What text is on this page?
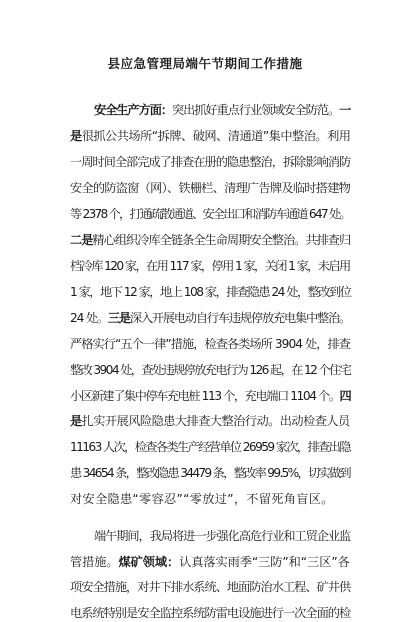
县应急管理局端午节期间工作措施
安全生产方面：突出抓好重点行业领域安全防范。一
是很抓公共场所“拆牌、破网、清通道”集中整治。利用
一周时间全部完成了排查在册的隐患整治，拆除影响消防
安全的防盗窗（网）、铁栅栏、清理广告牌及临时搭建物
等 2378 个，打通疏散通道、安全出口和消防车通道 647 处。
二是精心组织冷库全链条全生命周期安全整治。共排查归
档冷库 120 家，在用 117 家，停用 1 家，关闭 1 家，未启用
1 家，地下 12 家，地上 108 家，排查隐患 24 处，整改到位
24 处。三是深入开展电动自行车违规停放充电集中整治。
严格实行“五个一律”措施，检查各类场所 3904 处，排查
整改 3904 处，查处违规停放充电行为 126 起，在 12 个住宅
小区新建了集中停车充电桩 113 个，充电端口 1104 个。四
是扎实开展风险隐患大排查大整治行动。出动检查人员
11163 人次，检查各类生产经营单位 26959 家次，排查出隐
患 34654 条，整改隐患 34479 条，整改率 99.5%，切实做到
对安全隐患“零容忍”“零放过”，不留死角盲区。
端午期间，我局将进一步强化高危行业和工贸企业监
管措施。煤矿领域：认真落实雨季“三防”和“三区”各
项安全措施，对井下排水系统、地面防治水工程、矿井供
电系统特别是安全监控系统防雷电设施进行一次全面的检
